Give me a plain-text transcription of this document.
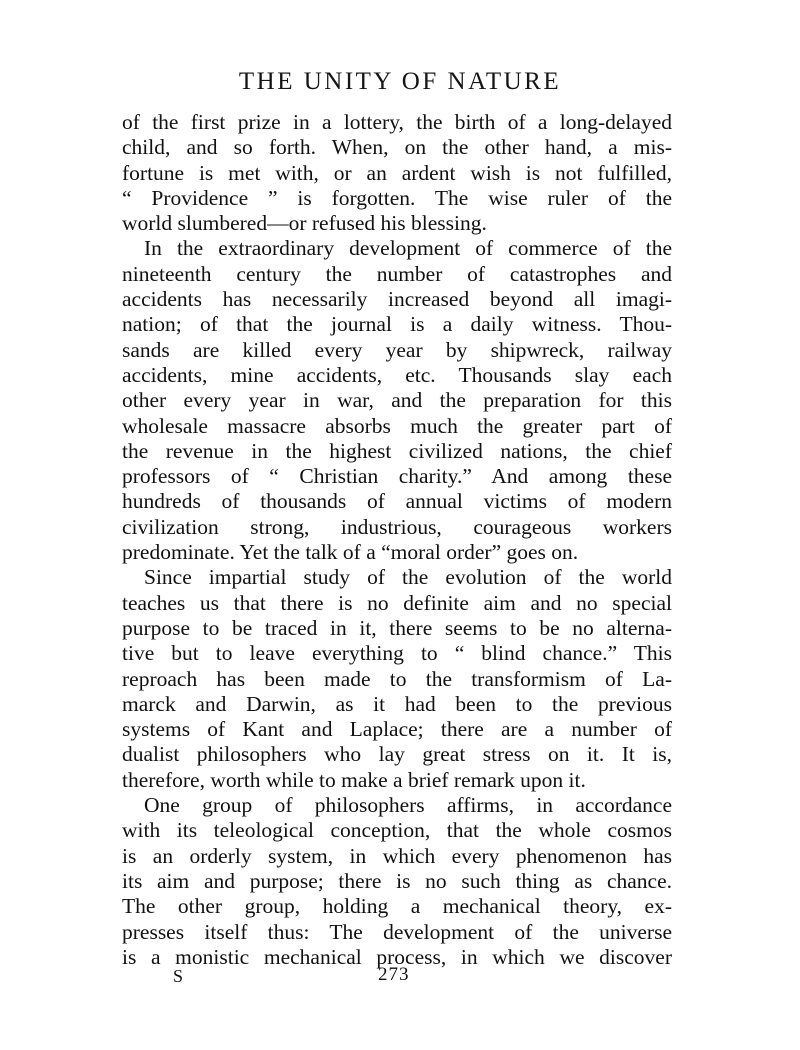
THE UNITY OF NATURE
of the first prize in a lottery, the birth of a long-delayed
child, and so forth. When, on the other hand, a mis-
fortune is met with, or an ardent wish is not fulfilled,
“ Providence ” is forgotten. The wise ruler of the
world slumbered—or refused his blessing.
In the extraordinary development of commerce of the
nineteenth century the number of catastrophes and
accidents has necessarily increased beyond all imagi-
nation; of that the journal is a daily witness. Thou-
sands are killed every year by shipwreck, railway
accidents, mine accidents, etc. Thousands slay each
other every year in war, and the preparation for this
wholesale massacre absorbs much the greater part of
the revenue in the highest civilized nations, the chief
professors of “ Christian charity.” And among these
hundreds of thousands of annual victims of modern
civilization strong, industrious, courageous workers
predominate. Yet the talk of a “moral order” goes on.
Since impartial study of the evolution of the world
teaches us that there is no definite aim and no special
purpose to be traced in it, there seems to be no alterna-
tive but to leave everything to “ blind chance.” This
reproach has been made to the transformism of La-
marck and Darwin, as it had been to the previous
systems of Kant and Laplace; there are a number of
dualist philosophers who lay great stress on it. It is,
therefore, worth while to make a brief remark upon it.
One group of philosophers affirms, in accordance
with its teleological conception, that the whole cosmos
is an orderly system, in which every phenomenon has
its aim and purpose; there is no such thing as chance.
The other group, holding a mechanical theory, ex-
presses itself thus: The development of the universe
is a monistic mechanical process, in which we discover
S	273
